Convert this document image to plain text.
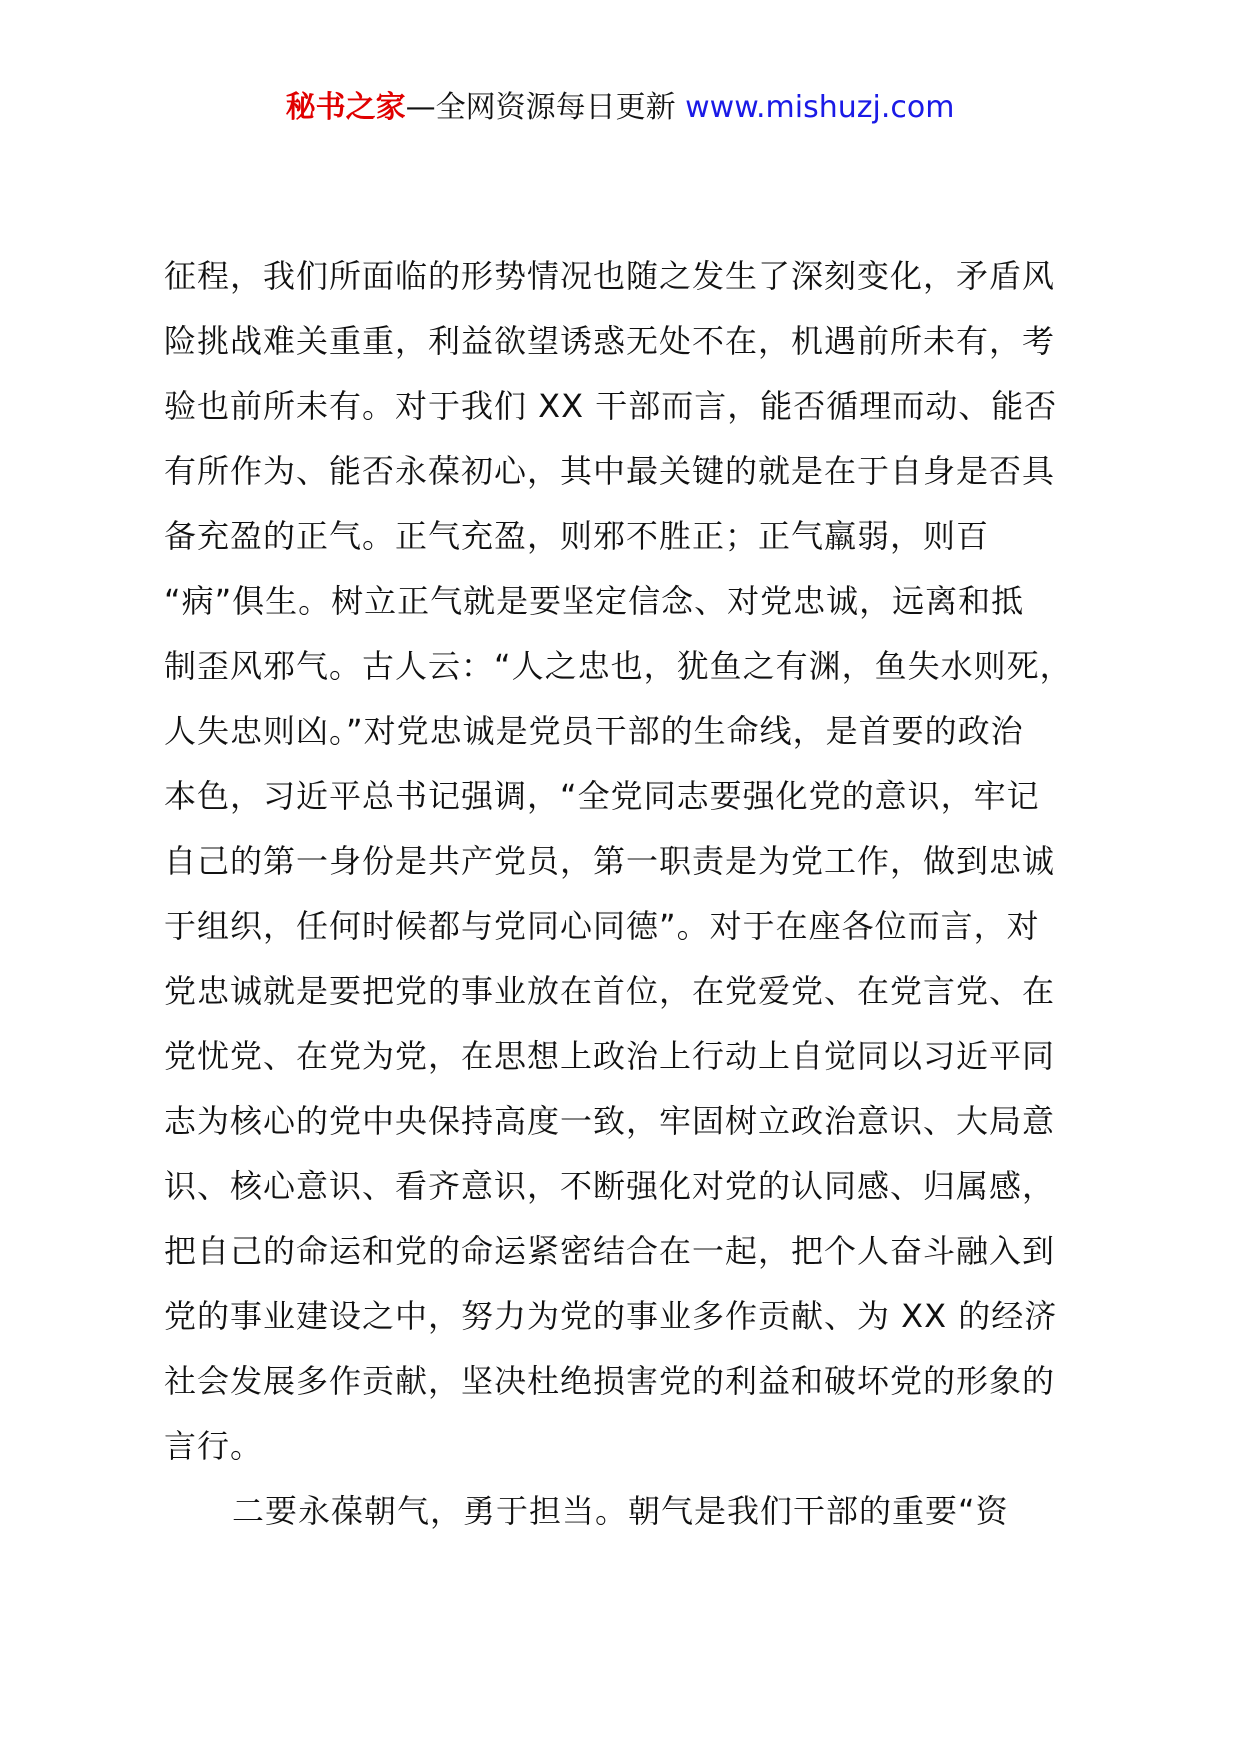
秘书之家—全网资源每日更新 www.mishuzj.com
征程，我们所面临的形势情况也随之发生了深刻变化，矛盾风
险挑战难关重重，利益欲望诱惑无处不在，机遇前所未有，考
验也前所未有。对于我们 XX 干部而言，能否循理而动、能否
有所作为、能否永葆初心，其中最关键的就是在于自身是否具
备充盈的正气。正气充盈，则邪不胜正；正气羸弱，则百
“病”俱生。树立正气就是要坚定信念、对党忠诚，远离和抵
制歪风邪气。古人云：“人之忠也，犹鱼之有渊，鱼失水则死，
人失忠则凶。”对党忠诚是党员干部的生命线，是首要的政治
本色，习近平总书记强调，“全党同志要强化党的意识，牢记
自己的第一身份是共产党员，第一职责是为党工作，做到忠诚
于组织，任何时候都与党同心同德”。对于在座各位而言，对
党忠诚就是要把党的事业放在首位，在党爱党、在党言党、在
党忧党、在党为党，在思想上政治上行动上自觉同以习近平同
志为核心的党中央保持高度一致，牢固树立政治意识、大局意
识、核心意识、看齐意识，不断强化对党的认同感、归属感，
把自己的命运和党的命运紧密结合在一起，把个人奋斗融入到
党的事业建设之中，努力为党的事业多作贡献、为 XX 的经济
社会发展多作贡献，坚决杜绝损害党的利益和破坏党的形象的
言行。
二要永葆朝气，勇于担当。朝气是我们干部的重要“资
